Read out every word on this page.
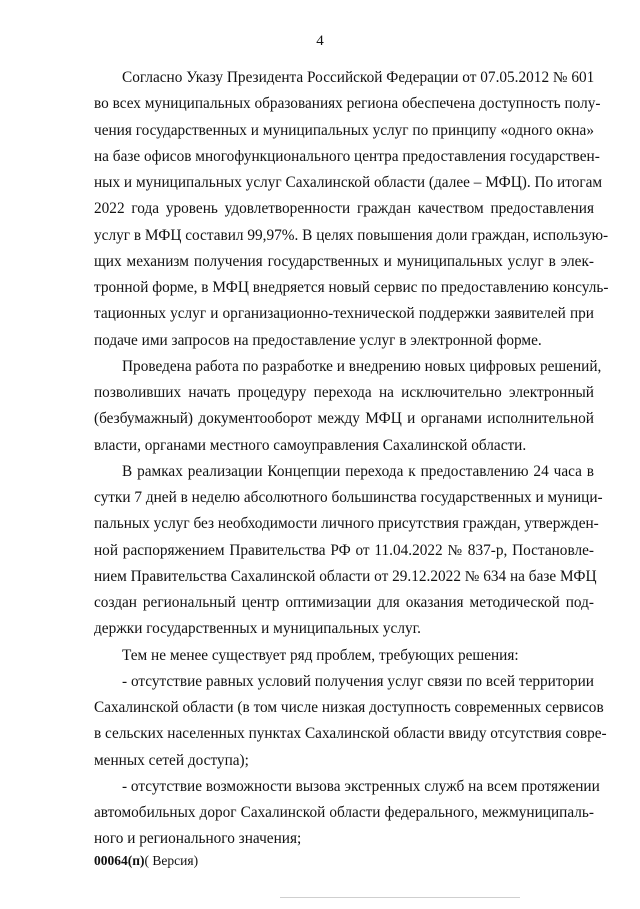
4
Согласно Указу Президента Российской Федерации от 07.05.2012 № 601
во всех муниципальных образованиях региона обеспечена доступность полу-
чения государственных и муниципальных услуг по принципу «одного окна»
на базе офисов многофункционального центра предоставления государствен-
ных и муниципальных услуг Сахалинской области (далее – МФЦ). По итогам
2022 года уровень удовлетворенности граждан качеством предоставления
услуг в МФЦ составил 99,97%. В целях повышения доли граждан, использую-
щих механизм получения государственных и муниципальных услуг в элек-
тронной форме, в МФЦ внедряется новый сервис по предоставлению консуль-
тационных услуг и организационно-технической поддержки заявителей при
подаче ими запросов на предоставление услуг в электронной форме.
Проведена работа по разработке и внедрению новых цифровых решений,
позволивших начать процедуру перехода на исключительно электронный
(безбумажный) документооборот между МФЦ и органами исполнительной
власти, органами местного самоуправления Сахалинской области.
В рамках реализации Концепции перехода к предоставлению 24 часа в
сутки 7 дней в неделю абсолютного большинства государственных и муници-
пальных услуг без необходимости личного присутствия граждан, утвержден-
ной распоряжением Правительства РФ от 11.04.2022 № 837-р, Постановле-
нием Правительства Сахалинской области от 29.12.2022 № 634 на базе МФЦ
создан региональный центр оптимизации для оказания методической под-
держки государственных и муниципальных услуг.
Тем не менее существует ряд проблем, требующих решения:
- отсутствие равных условий получения услуг связи по всей территории
Сахалинской области (в том числе низкая доступность современных сервисов
в сельских населенных пунктах Сахалинской области ввиду отсутствия совре-
менных сетей доступа);
- отсутствие возможности вызова экстренных служб на всем протяжении
автомобильных дорог Сахалинской области федерального, межмуниципаль-
ного и регионального значения;
00064(п)( Версия)
